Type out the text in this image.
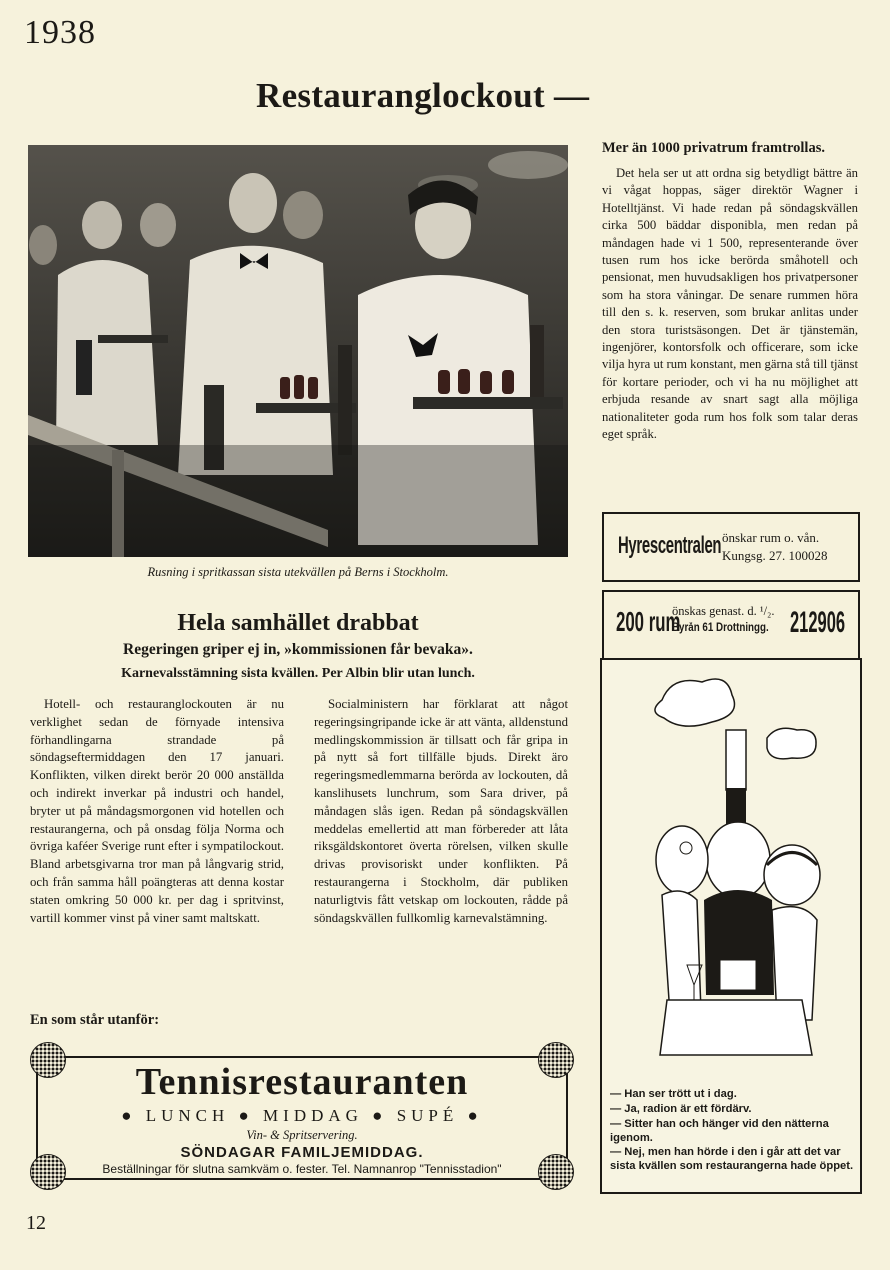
1938
Restauranglockout —
Rusning i spritkassan sista utekvällen på Berns i Stockholm.
Mer än 1000 privatrum framtrollas.
Det hela ser ut att ordna sig betydligt bättre än vi vågat hoppas, säger direktör Wagner i Hotelltjänst. Vi hade redan på söndagskvällen cirka 500 bäddar disponibla, men redan på måndagen hade vi 1 500, representerande över tusen rum hos icke berörda småhotell och pensionat, men huvudsakligen hos privatpersoner som ha stora våningar. De senare rummen höra till den s. k. reserven, som brukar anlitas under den stora turistsäsongen. Det är tjänstemän, ingenjörer, kontorsfolk och officerare, som icke vilja hyra ut rum konstant, men gärna stå till tjänst för kortare perioder, och vi ha nu möjlighet att erbjuda resande av snart sagt alla möjliga nationaliteter goda rum hos folk som talar deras eget språk.
Hyrescentralen önskar rum o. vån.
Kungsg. 27. 100028
200 rum
önskas genast. d. ¹/₂.
Byrån 61 Drottningg. 212906
Hela samhället drabbat
Regeringen griper ej in, »kommissionen får bevaka».
Karnevalsstämning sista kvällen. Per Albin blir utan lunch.
Hotell- och restauranglockouten är nu verklighet sedan de förnyade intensiva förhandlingarna strandade på söndagseftermiddagen den 17 januari. Konflikten, vilken direkt berör 20 000 anställda och indirekt inverkar på industri och handel, bryter ut på måndagsmorgonen vid hotellen och restaurangerna, och på onsdag följa Norma och övriga kaféer Sverige runt efter i sympatilockout. Bland arbetsgivarna tror man på långvarig strid, och från samma håll poängteras att denna kostar staten omkring 50 000 kr. per dag i spritvinst, vartill kommer vinst på viner samt maltskatt.
Socialministern har förklarat att något regeringsingripande icke är att vänta, alldenstund medlingskommission är tillsatt och får gripa in på nytt så fort tillfälle bjuds. Direkt äro regeringsmedlemmarna berörda av lockouten, då kanslihusets lunchrum, som Sara driver, på måndagen slås igen. Redan på söndagskvällen meddelas emellertid att man förbereder att låta riksgäldskontoret överta rörelsen, vilken skulle drivas provisoriskt under konflikten. På restaurangerna i Stockholm, där publiken naturligtvis fått vetskap om lockouten, rådde på söndagskvällen fullkomlig karnevalstämning.
En som står utanför:
Tennisrestauranten
● LUNCH ● MIDDAG ● SUPÉ ●
Vin- & Spritservering.
SÖNDAGAR FAMILJEMIDDAG.
Beställningar för slutna samkväm o. fester. Tel. Namnanrop "Tennisstadion"
— Han ser trött ut i dag.
— Ja, radion är ett fördärv.
— Sitter han och hänger vid den nätterna igenom.
— Nej, men han hörde i den i går att det var sista kvällen som restaurangerna hade öppet.
12
